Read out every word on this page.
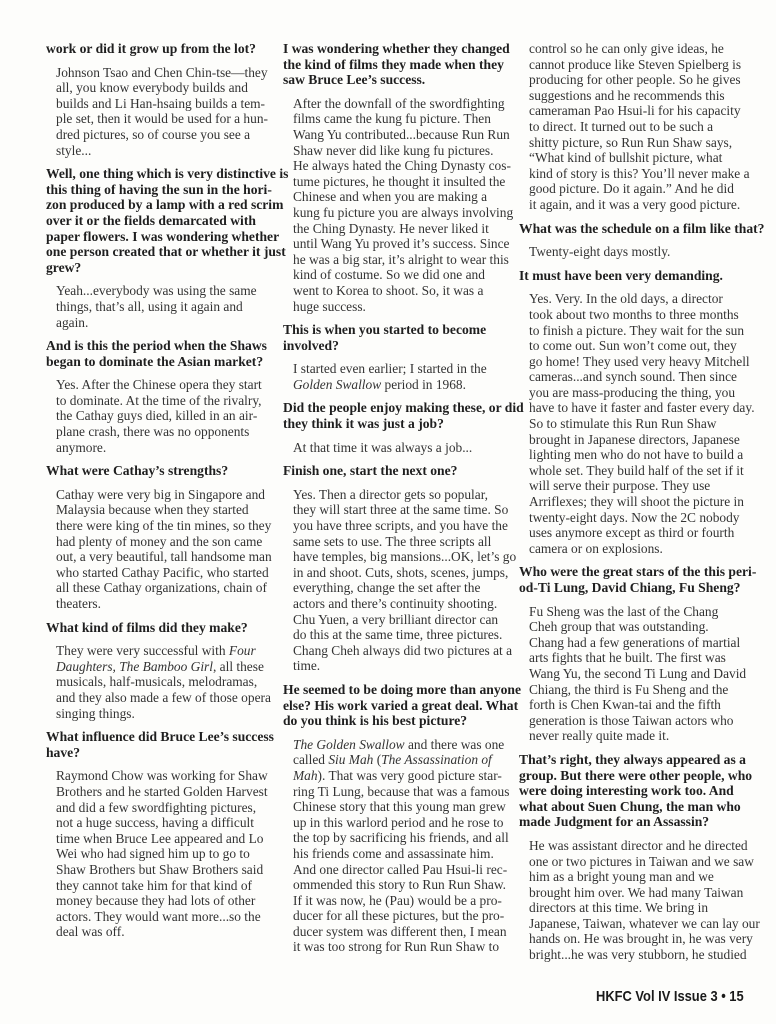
work or did it grow up from the lot?
Johnson Tsao and Chen Chin-tse—they
all, you know everybody builds and
builds and Li Han-hsaing builds a tem-
ple set, then it would be used for a hun-
dred pictures, so of course you see a
style...
Well, one thing which is very distinctive is
this thing of having the sun in the hori-
zon produced by a lamp with a red scrim
over it or the fields demarcated with
paper flowers. I was wondering whether
one person created that or whether it just
grew?
Yeah...everybody was using the same
things, that’s all, using it again and
again.
And is this the period when the Shaws
began to dominate the Asian market?
Yes. After the Chinese opera they start
to dominate. At the time of the rivalry,
the Cathay guys died, killed in an air-
plane crash, there was no opponents
anymore.
What were Cathay’s strengths?
Cathay were very big in Singapore and
Malaysia because when they started
there were king of the tin mines, so they
had plenty of money and the son came
out, a very beautiful, tall handsome man
who started Cathay Pacific, who started
all these Cathay organizations, chain of
theaters.
What kind of films did they make?
They were very successful with Four
Daughters, The Bamboo Girl, all these
musicals, half-musicals, melodramas,
and they also made a few of those opera
singing things.
What influence did Bruce Lee’s success
have?
Raymond Chow was working for Shaw
Brothers and he started Golden Harvest
and did a few swordfighting pictures,
not a huge success, having a difficult
time when Bruce Lee appeared and Lo
Wei who had signed him up to go to
Shaw Brothers but Shaw Brothers said
they cannot take him for that kind of
money because they had lots of other
actors. They would want more...so the
deal was off.
I was wondering whether they changed
the kind of films they made when they
saw Bruce Lee’s success.
After the downfall of the swordfighting
films came the kung fu picture. Then
Wang Yu contributed...because Run Run
Shaw never did like kung fu pictures.
He always hated the Ching Dynasty cos-
tume pictures, he thought it insulted the
Chinese and when you are making a
kung fu picture you are always involving
the Ching Dynasty. He never liked it
until Wang Yu proved it’s success. Since
he was a big star, it’s alright to wear this
kind of costume. So we did one and
went to Korea to shoot. So, it was a
huge success.
This is when you started to become
involved?
I started even earlier; I started in the
Golden Swallow period in 1968.
Did the people enjoy making these, or did
they think it was just a job?
At that time it was always a job...
Finish one, start the next one?
Yes. Then a director gets so popular,
they will start three at the same time. So
you have three scripts, and you have the
same sets to use. The three scripts all
have temples, big mansions...OK, let’s go
in and shoot. Cuts, shots, scenes, jumps,
everything, change the set after the
actors and there’s continuity shooting.
Chu Yuen, a very brilliant director can
do this at the same time, three pictures.
Chang Cheh always did two pictures at a
time.
He seemed to be doing more than anyone
else? His work varied a great deal. What
do you think is his best picture?
The Golden Swallow and there was one
called Siu Mah (The Assassination of
Mah). That was very good picture star-
ring Ti Lung, because that was a famous
Chinese story that this young man grew
up in this warlord period and he rose to
the top by sacrificing his friends, and all
his friends come and assassinate him.
And one director called Pau Hsui-li rec-
ommended this story to Run Run Shaw.
If it was now, he (Pau) would be a pro-
ducer for all these pictures, but the pro-
ducer system was different then, I mean
it was too strong for Run Run Shaw to
control so he can only give ideas, he
cannot produce like Steven Spielberg is
producing for other people. So he gives
suggestions and he recommends this
cameraman Pao Hsui-li for his capacity
to direct. It turned out to be such a
shitty picture, so Run Run Shaw says,
“What kind of bullshit picture, what
kind of story is this? You’ll never make a
good picture. Do it again.” And he did
it again, and it was a very good picture.
What was the schedule on a film like that?
Twenty-eight days mostly.
It must have been very demanding.
Yes. Very. In the old days, a director
took about two months to three months
to finish a picture. They wait for the sun
to come out. Sun won’t come out, they
go home! They used very heavy Mitchell
cameras...and synch sound. Then since
you are mass-producing the thing, you
have to have it faster and faster every day.
So to stimulate this Run Run Shaw
brought in Japanese directors, Japanese
lighting men who do not have to build a
whole set. They build half of the set if it
will serve their purpose. They use
Arriflexes; they will shoot the picture in
twenty-eight days. Now the 2C nobody
uses anymore except as third or fourth
camera or on explosions.
Who were the great stars of the this peri-
od-Ti Lung, David Chiang, Fu Sheng?
Fu Sheng was the last of the Chang
Cheh group that was outstanding.
Chang had a few generations of martial
arts fights that he built. The first was
Wang Yu, the second Ti Lung and David
Chiang, the third is Fu Sheng and the
forth is Chen Kwan-tai and the fifth
generation is those Taiwan actors who
never really quite made it.
That’s right, they always appeared as a
group. But there were other people, who
were doing interesting work too. And
what about Suen Chung, the man who
made Judgment for an Assassin?
He was assistant director and he directed
one or two pictures in Taiwan and we saw
him as a bright young man and we
brought him over. We had many Taiwan
directors at this time. We bring in
Japanese, Taiwan, whatever we can lay our
hands on. He was brought in, he was very
bright...he was very stubborn, he studied
HKFC Vol IV Issue 3 • 15
